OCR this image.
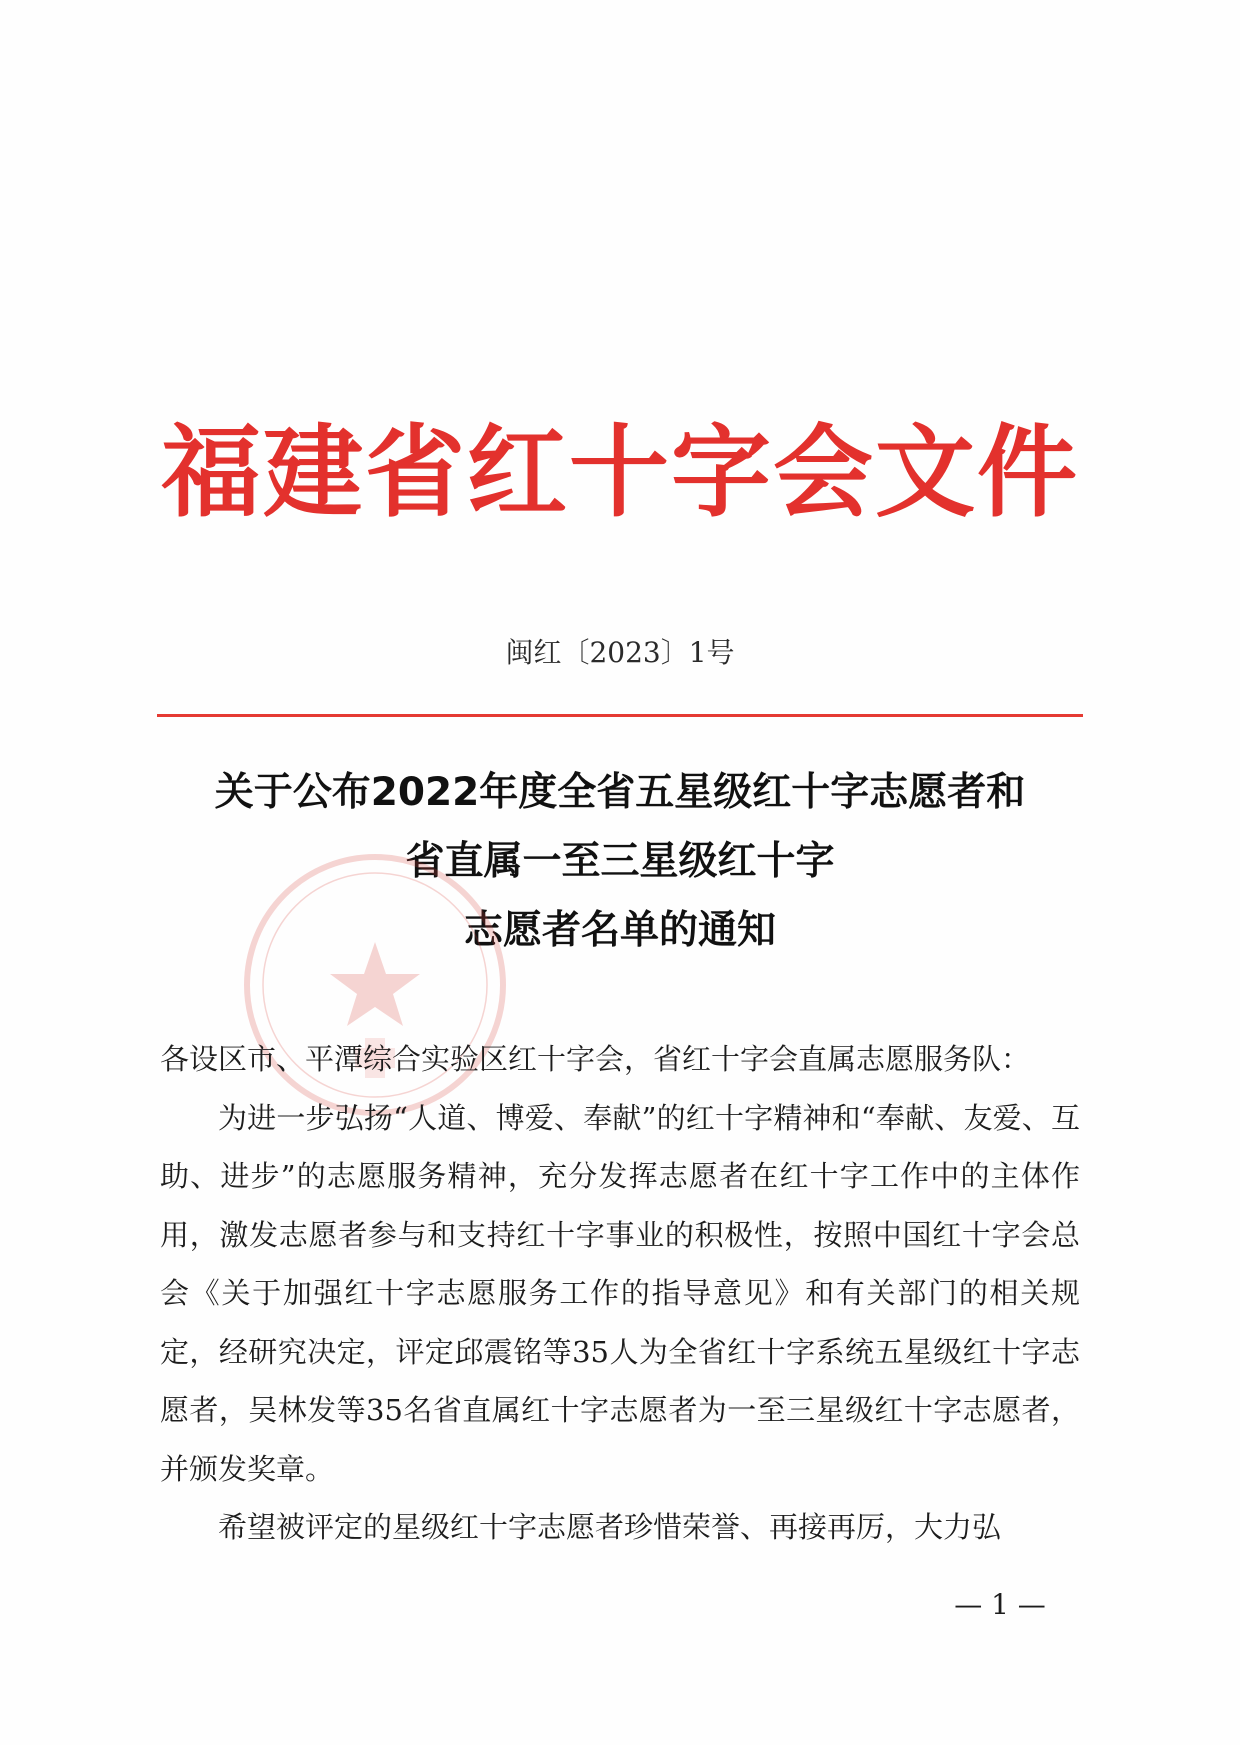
福建省红十字会文件
闽红〔2023〕1号
关于公布2022年度全省五星级红十字志愿者和
省直属一至三星级红十字
志愿者名单的通知

各设区市、平潭综合实验区红十字会，省红十字会直属志愿服务队：

为进一步弘扬“人道、博爱、奉献”的红十字精神和“奉献、友爱、互助、进步”的志愿服务精神，充分发挥志愿者在红十字工作中的主体作用，激发志愿者参与和支持红十字事业的积极性，按照中国红十字会总会《关于加强红十字志愿服务工作的指导意见》和有关部门的相关规定，经研究决定，评定邱震铭等35人为全省红十字系统五星级红十字志愿者，吴林发等35名省直属红十字志愿者为一至三星级红十字志愿者，并颁发奖章。

希望被评定的星级红十字志愿者珍惜荣誉、再接再厉，大力弘

— 1 —
